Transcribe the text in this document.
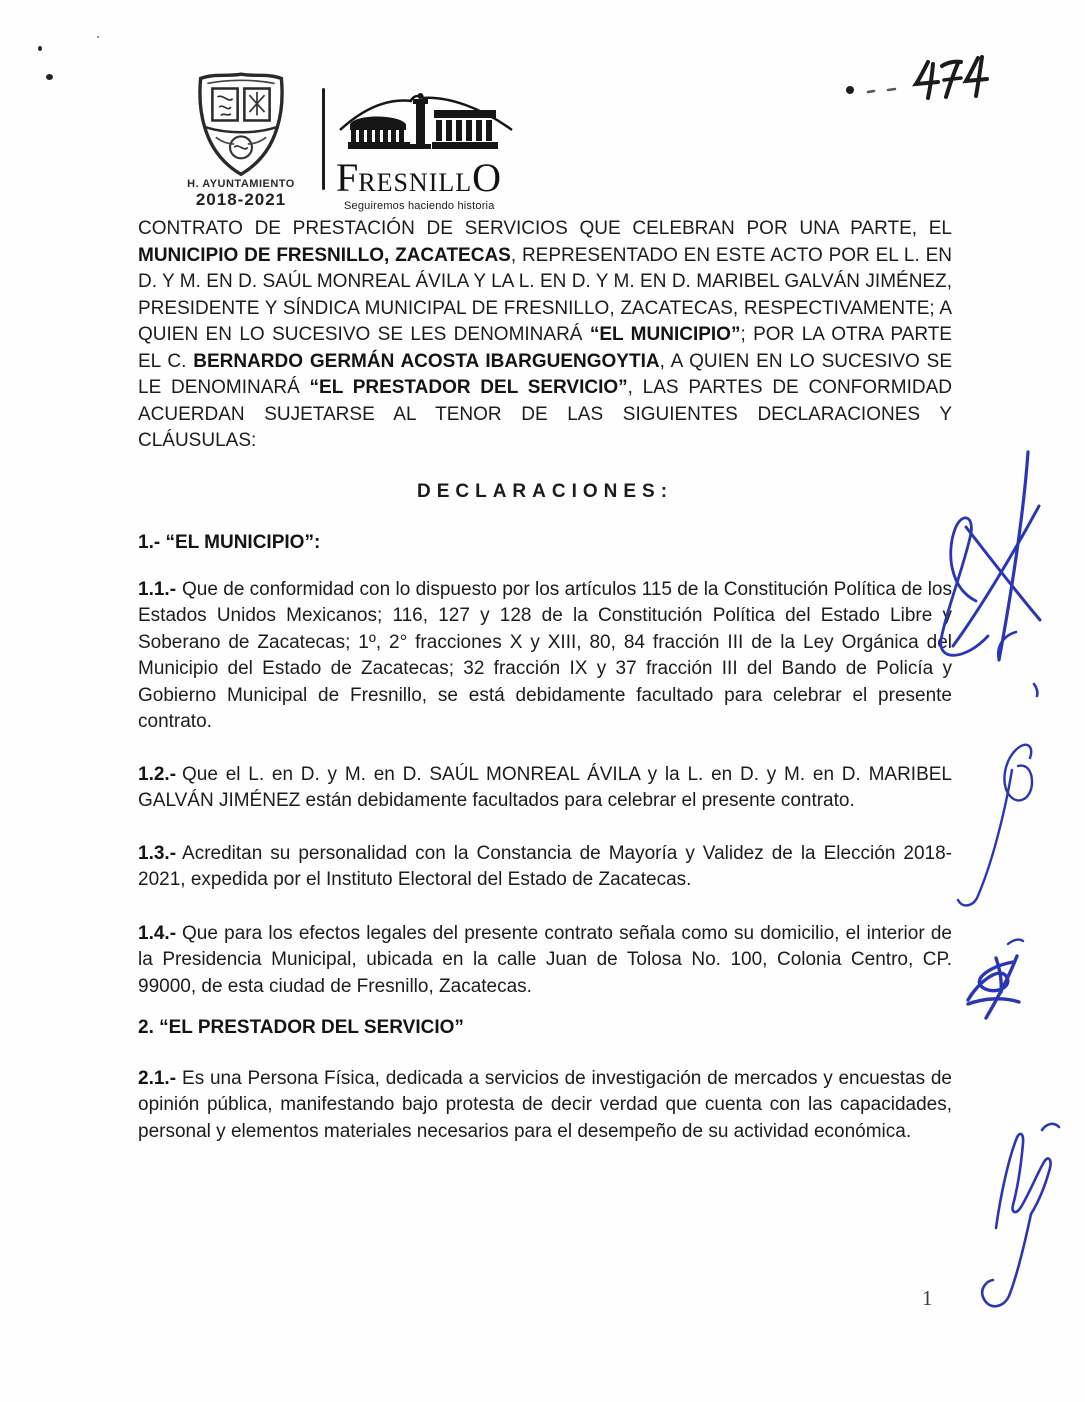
H. AYUNTAMIENTO
2018-2021	FRESNILLO
Seguiremos haciendo historia

CONTRATO DE PRESTACIÓN DE SERVICIOS QUE CELEBRAN POR UNA PARTE, EL MUNICIPIO DE FRESNILLO, ZACATECAS, REPRESENTADO EN ESTE ACTO POR EL L. EN D. Y M. EN D. SAÚL MONREAL ÁVILA Y LA L. EN D. Y M. EN D. MARIBEL GALVÁN JIMÉNEZ, PRESIDENTE Y SÍNDICA MUNICIPAL DE FRESNILLO, ZACATECAS, RESPECTIVAMENTE; A QUIEN EN LO SUCESIVO SE LES DENOMINARÁ “EL MUNICIPIO”; POR LA OTRA PARTE EL C. BERNARDO GERMÁN ACOSTA IBARGUENGOYTIA, A QUIEN EN LO SUCESIVO SE LE DENOMINARÁ “EL PRESTADOR DEL SERVICIO”, LAS PARTES DE CONFORMIDAD ACUERDAN SUJETARSE AL TENOR DE LAS SIGUIENTES DECLARACIONES Y CLÁUSULAS:

DECLARACIONES:

1.- “EL MUNICIPIO”:

1.1.- Que de conformidad con lo dispuesto por los artículos 115 de la Constitución Política de los Estados Unidos Mexicanos; 116, 127 y 128 de la Constitución Política del Estado Libre y Soberano de Zacatecas; 1º, 2° fracciones X y XIII, 80, 84 fracción III de la Ley Orgánica del Municipio del Estado de Zacatecas; 32 fracción IX y 37 fracción III del Bando de Policía y Gobierno Municipal de Fresnillo, se está debidamente facultado para celebrar el presente contrato.

1.2.- Que el L. en D. y M. en D. SAÚL MONREAL ÁVILA y la L. en D. y M. en D. MARIBEL GALVÁN JIMÉNEZ están debidamente facultados para celebrar el presente contrato.

1.3.- Acreditan su personalidad con la Constancia de Mayoría y Validez de la Elección 2018-2021, expedida por el Instituto Electoral del Estado de Zacatecas.

1.4.- Que para los efectos legales del presente contrato señala como su domicilio, el interior de la Presidencia Municipal, ubicada en la calle Juan de Tolosa No. 100, Colonia Centro, CP. 99000, de esta ciudad de Fresnillo, Zacatecas.

2. “EL PRESTADOR DEL SERVICIO”

2.1.- Es una Persona Física, dedicada a servicios de investigación de mercados y encuestas de opinión pública, manifestando bajo protesta de decir verdad que cuenta con las capacidades, personal y elementos materiales necesarios para el desempeño de su actividad económica.

1
